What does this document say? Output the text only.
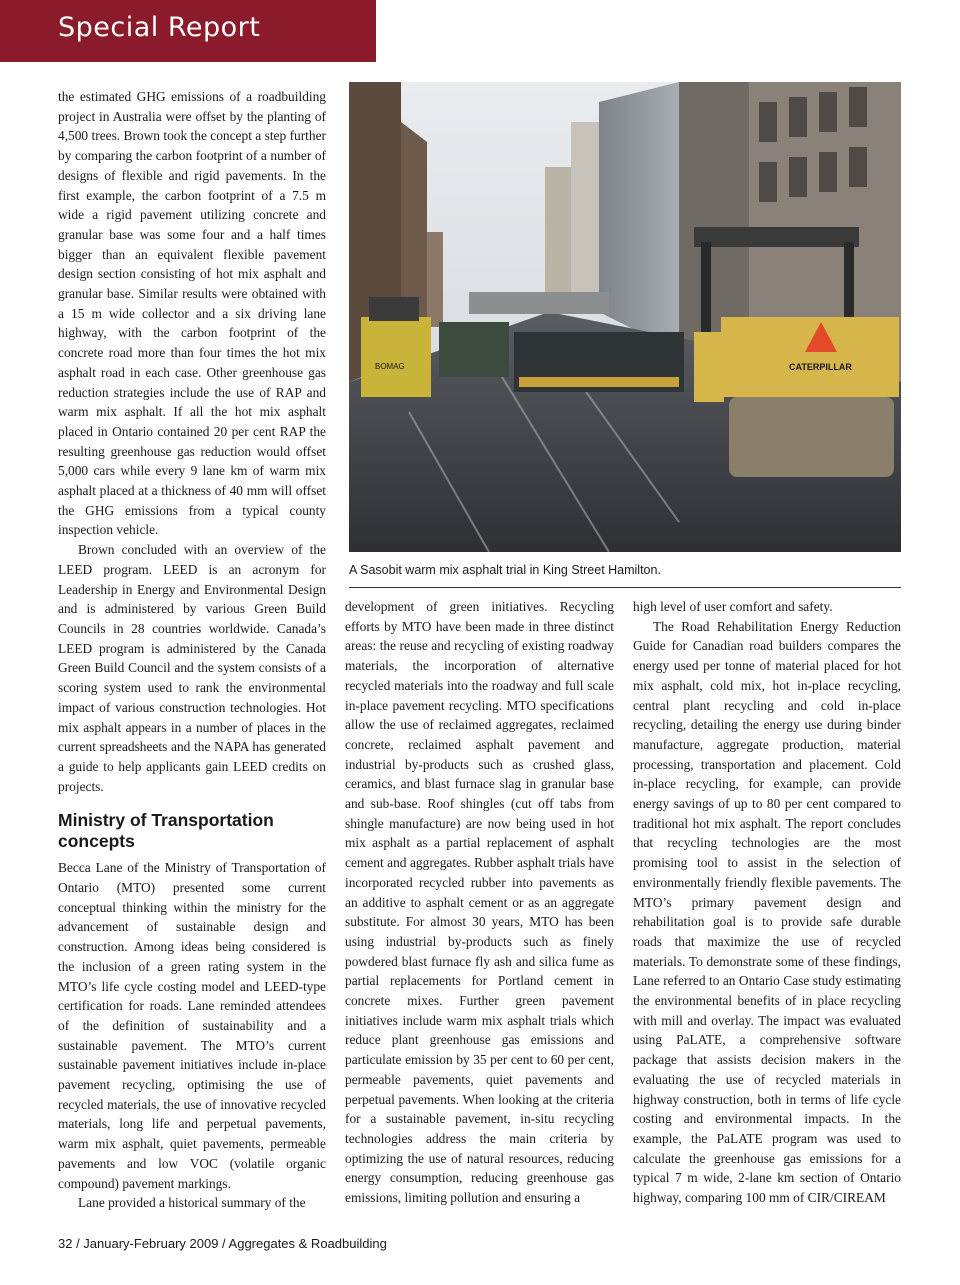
Special Report

the estimated GHG emissions of a roadbuilding project in Australia were offset by the planting of 4,500 trees. Brown took the concept a step further by comparing the carbon footprint of a number of designs of flexible and rigid pavements. In the first example, the carbon footprint of a 7.5 m wide a rigid pavement utilizing concrete and granular base was some four and a half times bigger than an equivalent flexible pavement design section consisting of hot mix asphalt and granular base. Similar results were obtained with a 15 m wide collector and a six driving lane highway, with the carbon footprint of the concrete road more than four times the hot mix asphalt road in each case. Other greenhouse gas reduction strategies include the use of RAP and warm mix asphalt. If all the hot mix asphalt placed in Ontario contained 20 per cent RAP the resulting greenhouse gas reduction would offset 5,000 cars while every 9 lane km of warm mix asphalt placed at a thickness of 40 mm will offset the GHG emissions from a typical county inspection vehicle.

Brown concluded with an overview of the LEED program. LEED is an acronym for Leadership in Energy and Environmental Design and is administered by various Green Build Councils in 28 countries worldwide. Canada’s LEED program is administered by the Canada Green Build Council and the system consists of a scoring system used to rank the environmental impact of various construction technologies. Hot mix asphalt appears in a number of places in the current spreadsheets and the NAPA has generated a guide to help applicants gain LEED credits on projects.

Ministry of Transportation concepts

Becca Lane of the Ministry of Transportation of Ontario (MTO) presented some current conceptual thinking within the ministry for the advancement of sustainable design and construction. Among ideas being considered is the inclusion of a green rating system in the MTO’s life cycle costing model and LEED-type certification for roads. Lane reminded attendees of the definition of sustainability and a sustainable pavement. The MTO’s current sustainable pavement initiatives include in-place pavement recycling, optimising the use of recycled materials, the use of innovative recycled materials, long life and perpetual pavements, warm mix asphalt, quiet pavements, permeable pavements and low VOC (volatile organic compound) pavement markings.

Lane provided a historical summary of the

BOMAG	CATERPILLAR
A Sasobit warm mix asphalt trial in King Street Hamilton.

development of green initiatives. Recycling efforts by MTO have been made in three distinct areas: the reuse and recycling of existing roadway materials, the incorporation of alternative recycled materials into the roadway and full scale in-place pavement recycling. MTO specifications allow the use of reclaimed aggregates, reclaimed concrete, reclaimed asphalt pavement and industrial by-products such as crushed glass, ceramics, and blast furnace slag in granular base and sub-base. Roof shingles (cut off tabs from shingle manufacture) are now being used in hot mix asphalt as a partial replacement of asphalt cement and aggregates. Rubber asphalt trials have incorporated recycled rubber into pavements as an additive to asphalt cement or as an aggregate substitute. For almost 30 years, MTO has been using industrial by-products such as finely powdered blast furnace fly ash and silica fume as partial replacements for Portland cement in concrete mixes. Further green pavement initiatives include warm mix asphalt trials which reduce plant greenhouse gas emissions and particulate emission by 35 per cent to 60 per cent, permeable pavements, quiet pavements and perpetual pavements. When looking at the criteria for a sustainable pavement, in-situ recycling technologies address the main criteria by optimizing the use of natural resources, reducing energy consumption, reducing greenhouse gas emissions, limiting pollution and ensuring a

high level of user comfort and safety.

The Road Rehabilitation Energy Reduction Guide for Canadian road builders compares the energy used per tonne of material placed for hot mix asphalt, cold mix, hot in-place recycling, central plant recycling and cold in-place recycling, detailing the energy use during binder manufacture, aggregate production, material processing, transportation and placement. Cold in-place recycling, for example, can provide energy savings of up to 80 per cent compared to traditional hot mix asphalt. The report concludes that recycling technologies are the most promising tool to assist in the selection of environmentally friendly flexible pavements. The MTO’s primary pavement design and rehabilitation goal is to provide safe durable roads that maximize the use of recycled materials. To demonstrate some of these findings, Lane referred to an Ontario Case study estimating the environmental benefits of in place recycling with mill and overlay. The impact was evaluated using PaLATE, a comprehensive software package that assists decision makers in the evaluating the use of recycled materials in highway construction, both in terms of life cycle costing and environmental impacts. In the example, the PaLATE program was used to calculate the greenhouse gas emissions for a typical 7 m wide, 2-lane km section of Ontario highway, comparing 100 mm of CIR/CIREAM

32 / January-February 2009 / Aggregates & Roadbuilding
